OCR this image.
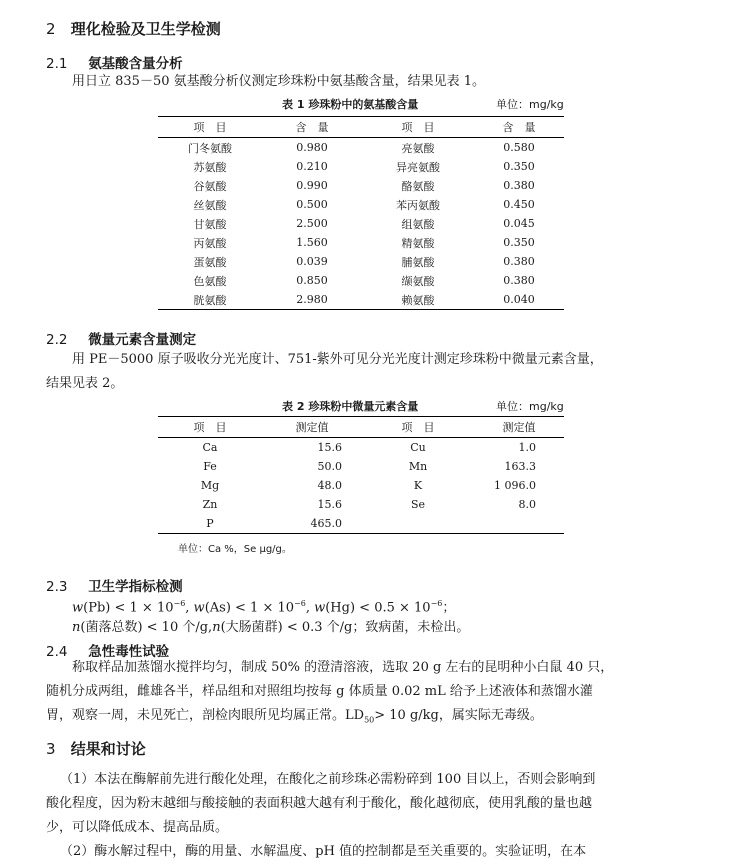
2 理化检验及卫生学检测
2.1 氨基酸含量分析
用日立 835－50 氨基酸分析仪测定珍珠粉中氨基酸含量，结果见表 1。
表 1 珍珠粉中的氨基酸含量	单位：mg/kg
项　目	含　量	项　目	含　量
门冬氨酸	0.980	亮氨酸	0.580
苏氨酸	0.210	异亮氨酸	0.350
谷氨酸	0.990	酪氨酸	0.380
丝氨酸	0.500	苯丙氨酸	0.450
甘氨酸	2.500	组氨酸	0.045
丙氨酸	1.560	精氨酸	0.350
蛋氨酸	0.039	脯氨酸	0.380
色氨酸	0.850	缬氨酸	0.380
胱氨酸	2.980	赖氨酸	0.040
2.2 微量元素含量测定
用 PE－5000 原子吸收分光光度计、751-紫外可见分光光度计测定珍珠粉中微量元素含量，
结果见表 2。
表 2 珍珠粉中微量元素含量	单位：mg/kg
项　目	测定值	项　目	测定值
Ca	15.6	Cu	1.0
Fe	50.0	Mn	163.3
Mg	48.0	K	1 096.0
Zn	15.6	Se	8.0
P	465.0		
单位：Ca %，Se μg/g。
2.3 卫生学指标检测
$w(Pb) < 1 \times 10^{-6}$, $w(As) < 1 \times 10^{-6}$, $w(Hg) < 0.5 \times 10^{-6}$；
n(菌落总数) < 10 个/g,n(大肠菌群) < 0.3 个/g；致病菌，未检出。
2.4 急性毒性试验
称取样品加蒸馏水搅拌均匀，制成 50% 的澄清溶液，选取 20 g 左右的昆明种小白鼠 40 只，
随机分成两组，雌雄各半，样品组和对照组均按每 g 体质量 0.02 mL 给予上述液体和蒸馏水灌
胃，观察一周，未见死亡，剖检肉眼所见均属正常。$LD_{50}> 10$ g/kg，属实际无毒级。
3 结果和讨论
（1）本法在酶解前先进行酸化处理，在酸化之前珍珠必需粉碎到 100 目以上，否则会影响到
酸化程度，因为粉末越细与酸接触的表面积越大越有利于酸化，酸化越彻底，使用乳酸的量也越
少，可以降低成本、提高品质。
（2）酶水解过程中，酶的用量、水解温度、pH 值的控制都是至关重要的。实验证明，在本
